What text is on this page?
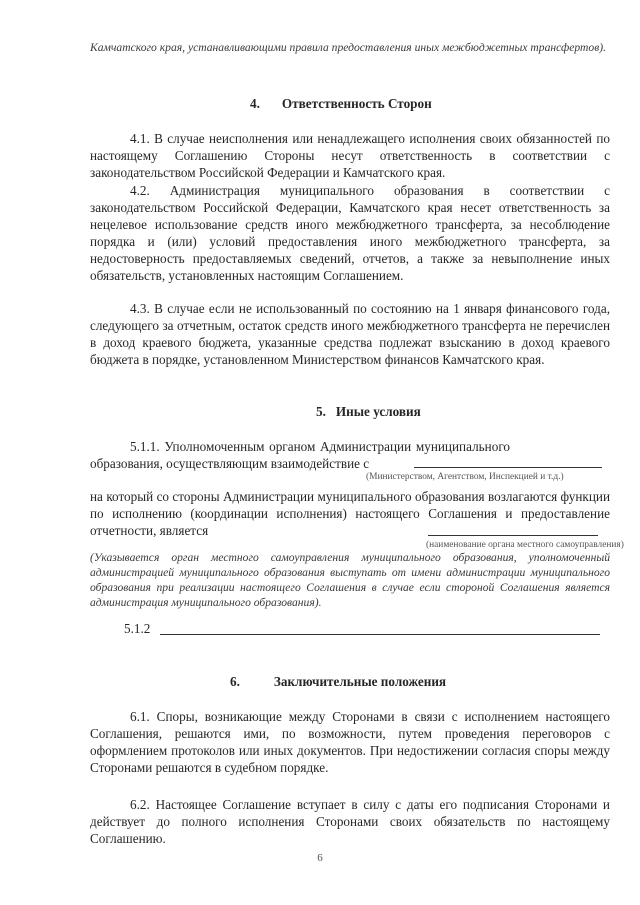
Камчатского края, устанавливающими правила предоставления иных межбюджетных трансфертов).

4. Ответственность Сторон

4.1. В случае неисполнения или ненадлежащего исполнения своих обязанностей по настоящему Соглашению Стороны несут ответственность в соответствии с законодательством Российской Федерации и Камчатского края.

4.2. Администрация муниципального образования в соответствии с законодательством Российской Федерации, Камчатского края несет ответственность за нецелевое использование средств иного межбюджетного трансферта, за несоблюдение порядка и (или) условий предоставления иного межбюджетного трансферта, за недостоверность предоставляемых сведений, отчетов, а также за невыполнение иных обязательств, установленных настоящим Соглашением.

4.3. В случае если не использованный по состоянию на 1 января финансового года, следующего за отчетным, остаток средств иного межбюджетного трансферта не перечислен в доход краевого бюджета, указанные средства подлежат взысканию в доход краевого бюджета в порядке, установленном Министерством финансов Камчатского края.

5. Иные условия

5.1.1. Уполномоченным органом Администрации муниципального образования, осуществляющим взаимодействие с

(Министерством, Агентством, Инспекцией и т.д.)

на который со стороны Администрации муниципального образования возлагаются функции по исполнению (координации исполнения) настоящего Соглашения и предоставление отчетности, является

(наименование органа местного самоуправления)

(Указывается орган местного самоуправления муниципального образования, уполномоченный администрацией муниципального образования выступать от имени администрации муниципального образования при реализации настоящего Соглашения в случае если стороной Соглашения является администрация муниципального образования).

5.1.2
6.	Заключительные положения

6.1. Споры, возникающие между Сторонами в связи с исполнением настоящего Соглашения, решаются ими, по возможности, путем проведения переговоров с оформлением протоколов или иных документов. При недостижении согласия споры между Сторонами решаются в судебном порядке.

6.2. Настоящее Соглашение вступает в силу с даты его подписания Сторонами и действует до полного исполнения Сторонами своих обязательств по настоящему Соглашению.

6
